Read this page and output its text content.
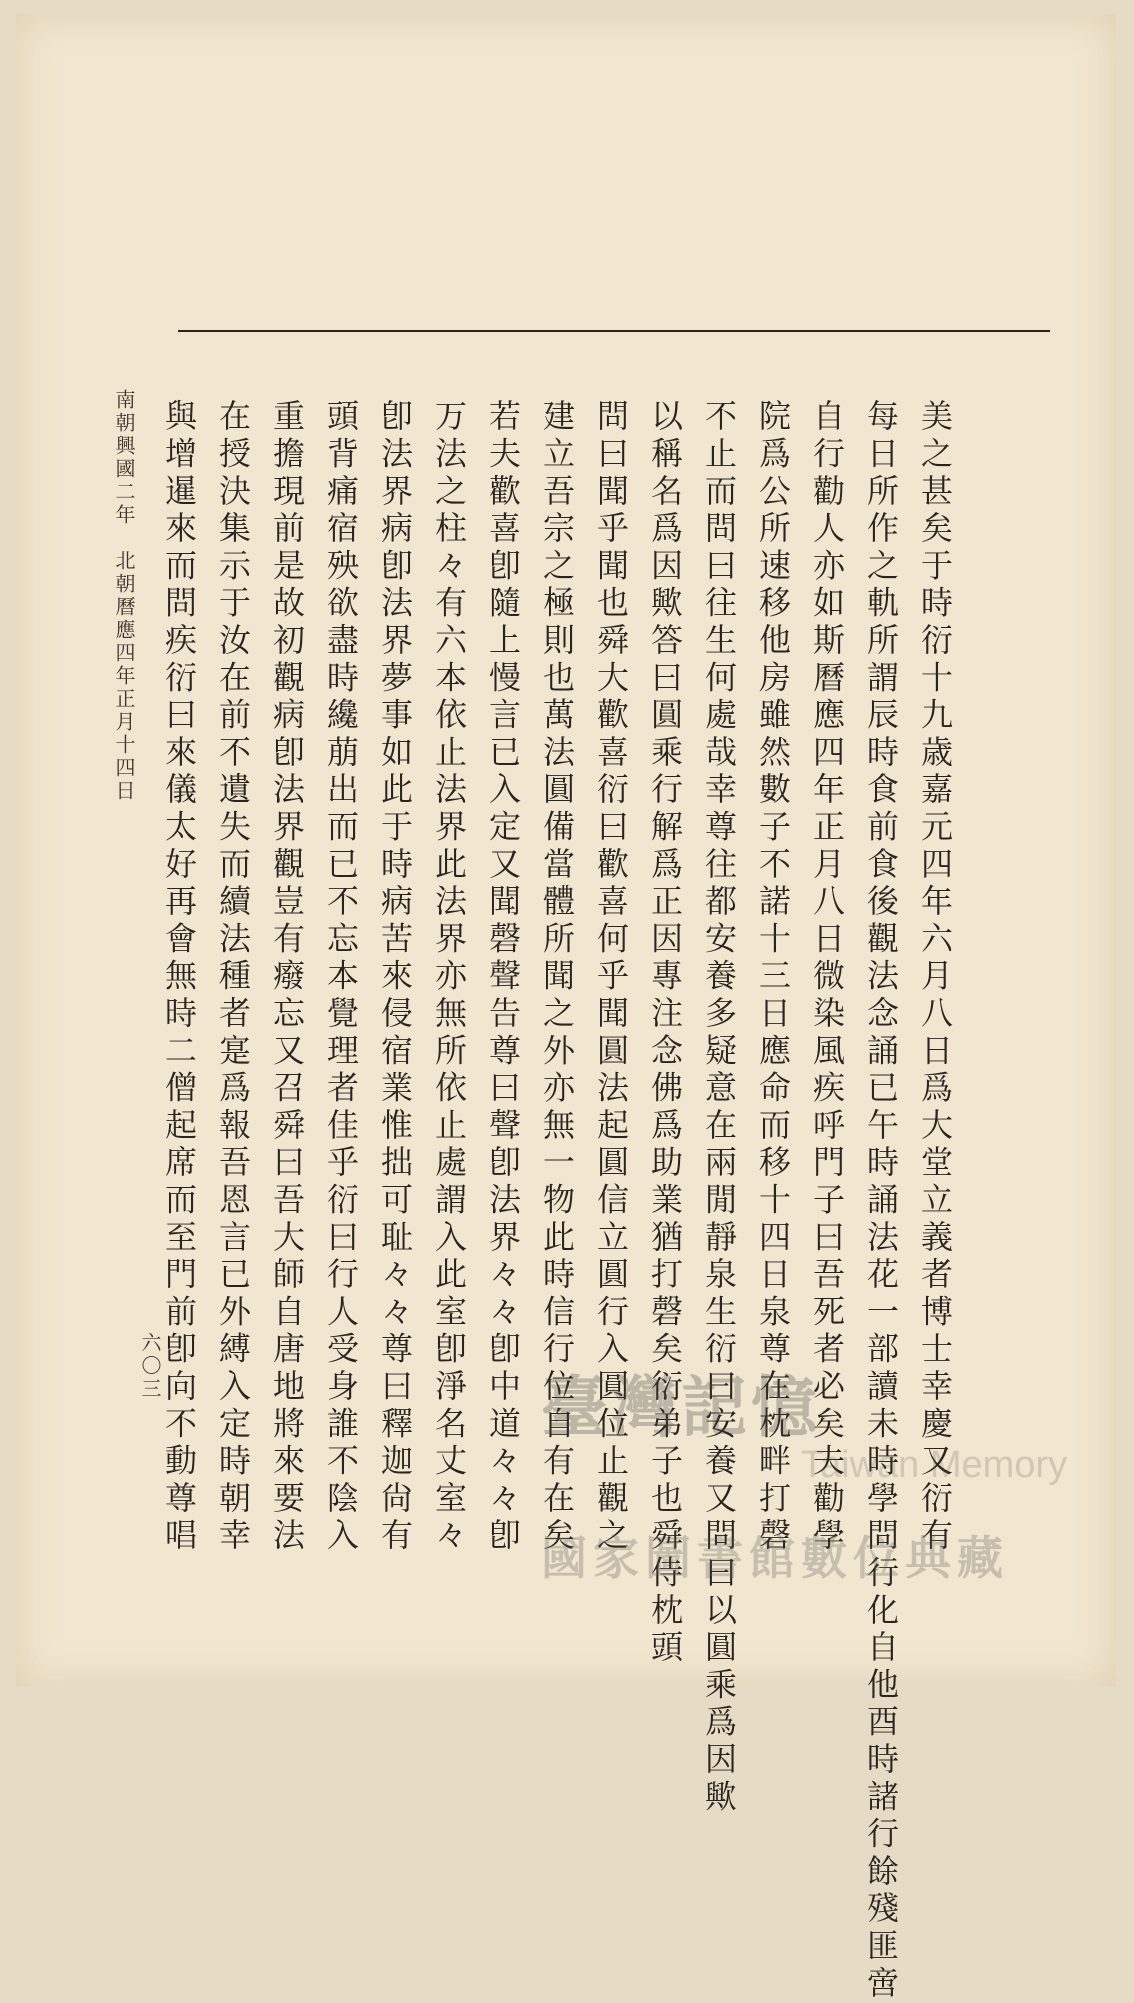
美之甚矣于時衍十九歳嘉元四年六月八日爲大堂立義者博士幸慶又衍有
每日所作之軌所謂辰時食前食後觀法念誦已午時誦法花一部讀未時學問行化自他酉時諸行餘殘匪啻
自行勸人亦如斯曆應四年正月八日微染風疾呼門子曰吾死者必矣夫勸學
院爲公所速移他房雖然數子不諾十三日應命而移十四日泉尊在枕畔打磬
不止而問曰往生何處哉幸尊往都安養多疑意在兩閒靜泉生衍曰安養又問曰以圓乘爲因歟
以稱名爲因歟答曰圓乘行解爲正因專注念佛爲助業猶打磬矣衍弟子也舜侍枕頭
問曰聞乎聞也舜大歡喜衍曰歡喜何乎聞圓法起圓信立圓行入圓位止觀之
建立吾宗之極則也萬法圓備當體所聞之外亦無一物此時信行位自有在矣
若夫歡喜卽隨上慢言已入定又聞磬聲告尊曰聲卽法界々々卽中道々々卽
万法之柱々有六本依止法界此法界亦無所依止處謂入此室卽淨名丈室々
卽法界病卽法界夢事如此于時病苦來侵宿業惟拙可耻々々尊曰釋迦尙有
頭背痛宿殃欲盡時纔萠出而已不忘本覺理者佳乎衍曰行人受身誰不陰入
重擔現前是故初觀病卽法界觀豈有癈忘又召舜曰吾大師自唐地將來要法
在授決集示于汝在前不遺失而續法種者寔爲報吾恩言已外縛入定時朝幸
與增暹來而問疾衍曰來儀太好再會無時二僧起席而至門前卽向不動尊唱
南朝興國二年　北朝曆應四年正月十四日
六〇三
臺灣記憶
Taiwan Memory
國家圖書館數位典藏
